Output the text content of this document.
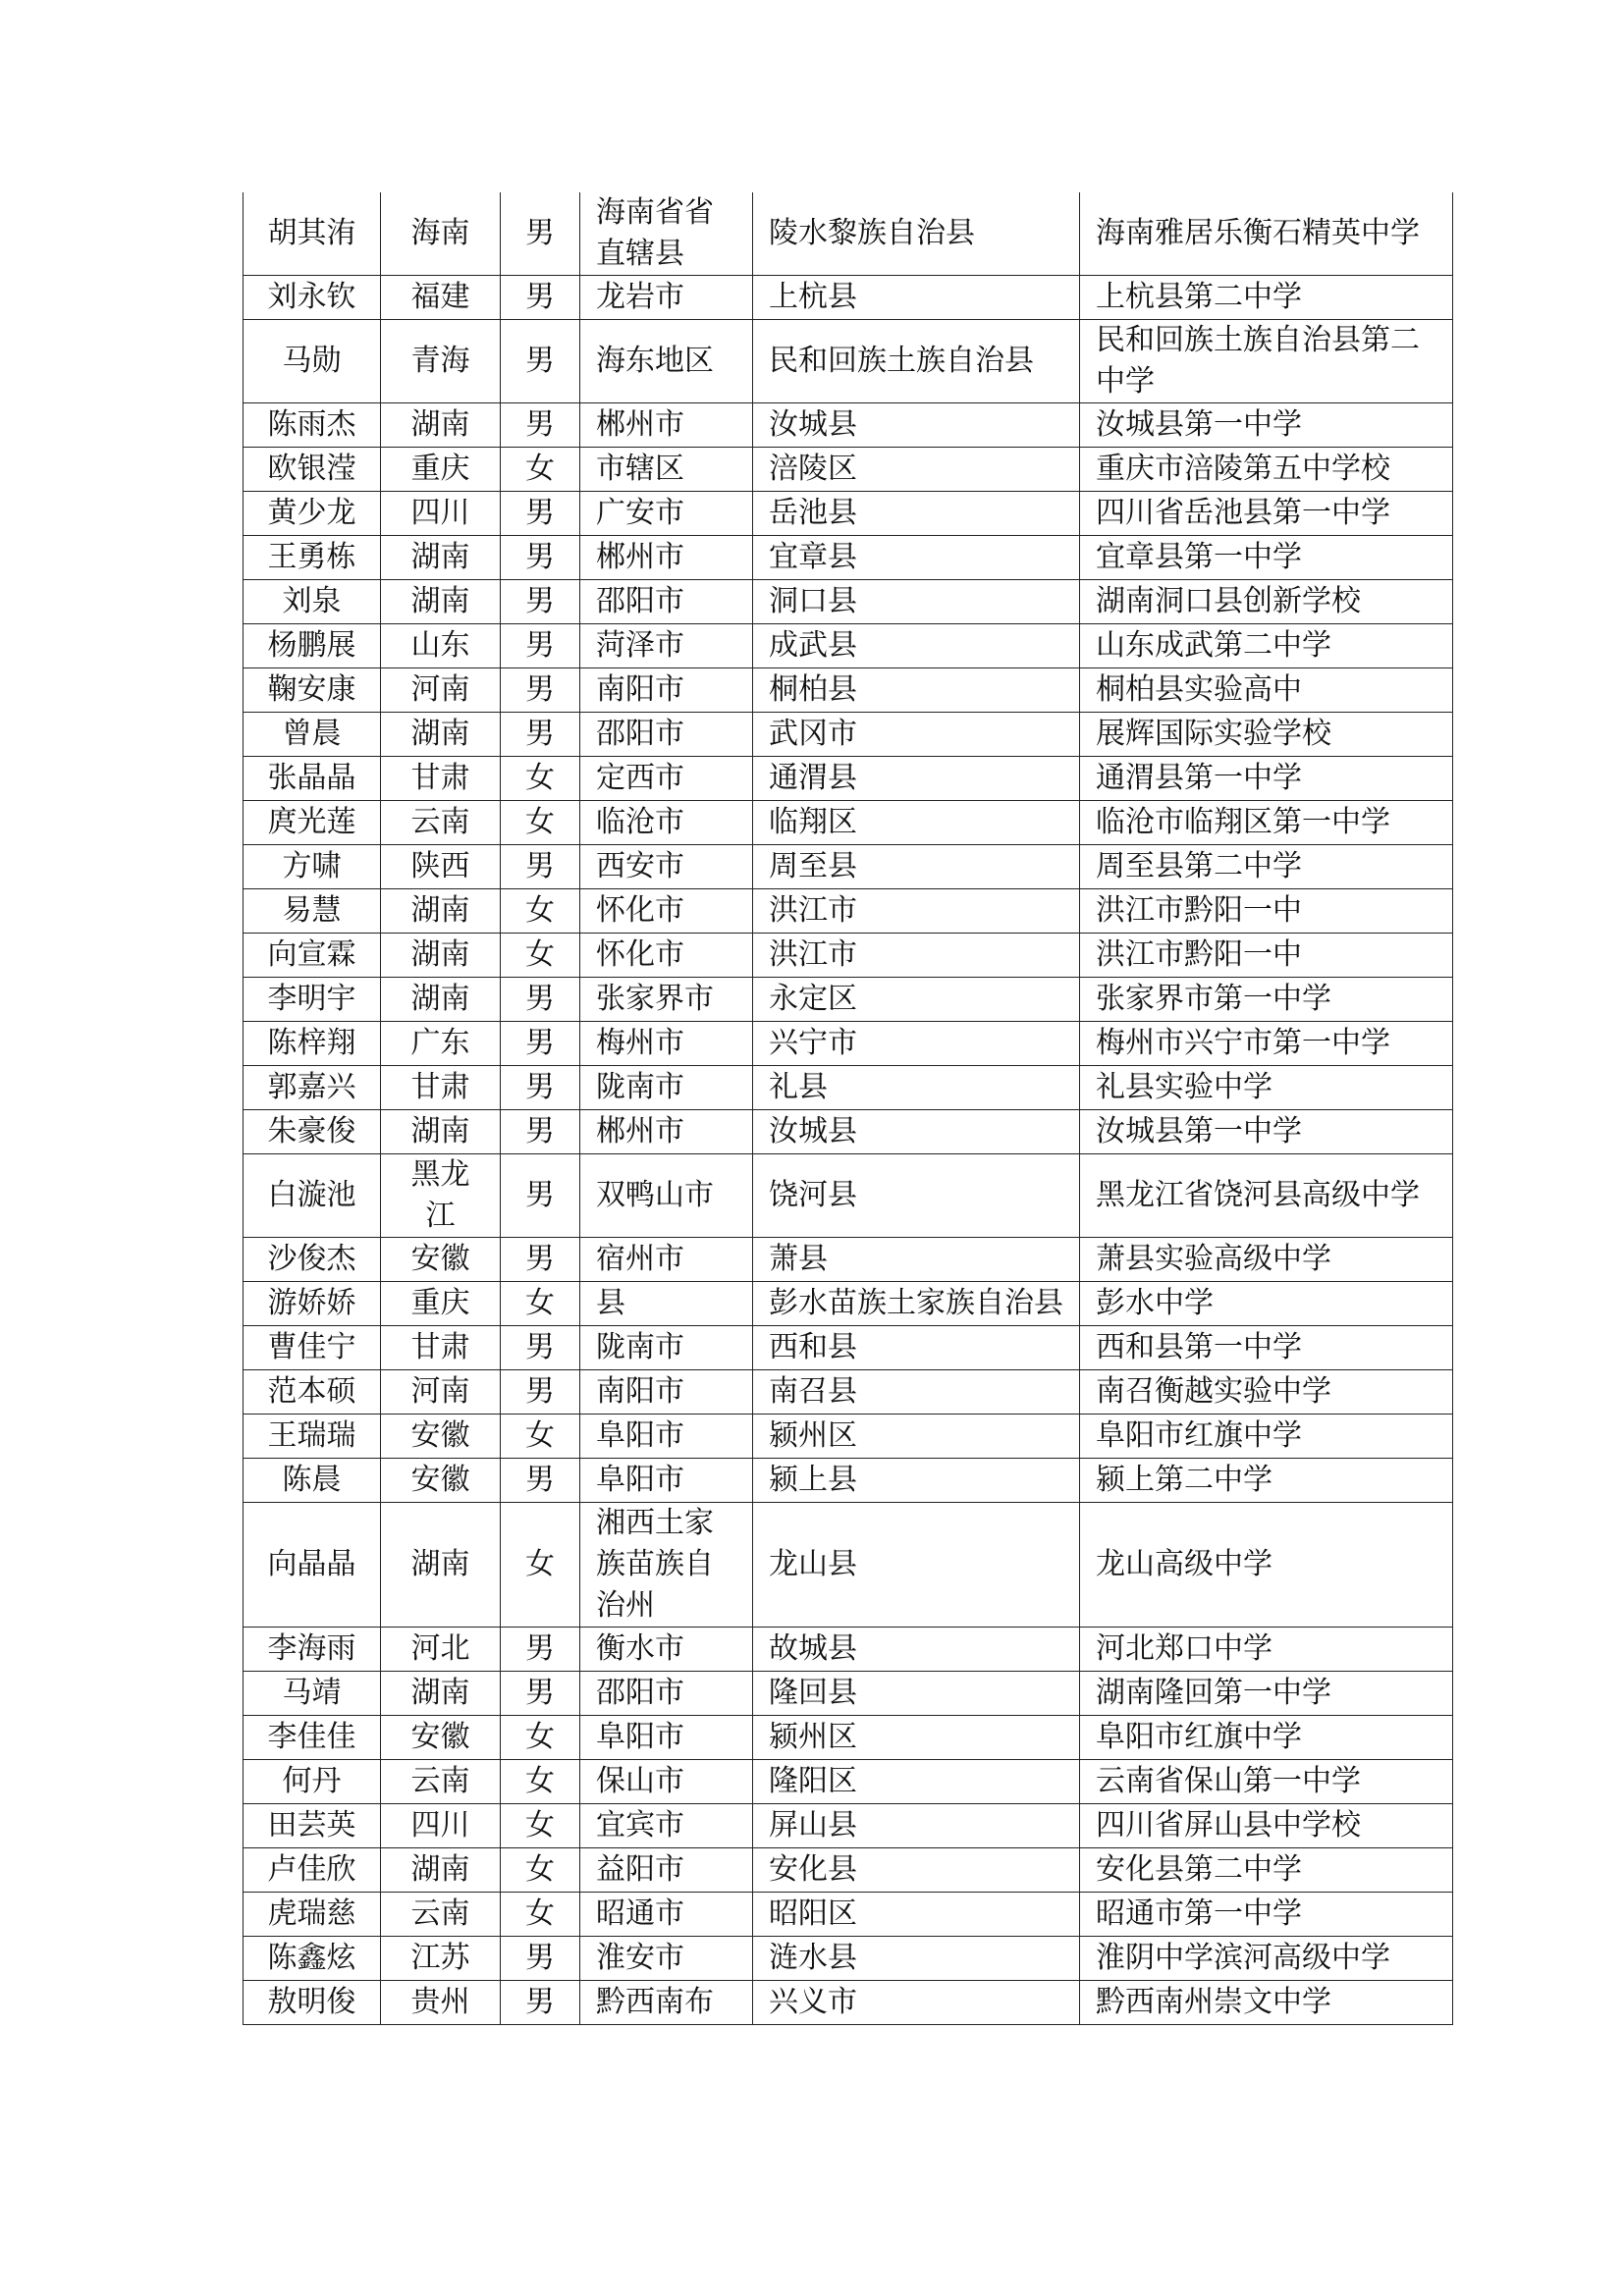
胡其洧	海南	男	海南省省直辖县	陵水黎族自治县	海南雅居乐衡石精英中学
刘永钦	福建	男	龙岩市	上杭县	上杭县第二中学
马勋	青海	男	海东地区	民和回族土族自治县	民和回族土族自治县第二中学
陈雨杰	湖南	男	郴州市	汝城县	汝城县第一中学
欧银滢	重庆	女	市辖区	涪陵区	重庆市涪陵第五中学校
黄少龙	四川	男	广安市	岳池县	四川省岳池县第一中学
王勇栋	湖南	男	郴州市	宜章县	宜章县第一中学
刘泉	湖南	男	邵阳市	洞口县	湖南洞口县创新学校
杨鹏展	山东	男	菏泽市	成武县	山东成武第二中学
鞠安康	河南	男	南阳市	桐柏县	桐柏县实验高中
曾晨	湖南	男	邵阳市	武冈市	展辉国际实验学校
张晶晶	甘肃	女	定西市	通渭县	通渭县第一中学
庹光莲	云南	女	临沧市	临翔区	临沧市临翔区第一中学
方啸	陕西	男	西安市	周至县	周至县第二中学
易慧	湖南	女	怀化市	洪江市	洪江市黔阳一中
向宣霖	湖南	女	怀化市	洪江市	洪江市黔阳一中
李明宇	湖南	男	张家界市	永定区	张家界市第一中学
陈梓翔	广东	男	梅州市	兴宁市	梅州市兴宁市第一中学
郭嘉兴	甘肃	男	陇南市	礼县	礼县实验中学
朱豪俊	湖南	男	郴州市	汝城县	汝城县第一中学
白漩池	黑龙江	男	双鸭山市	饶河县	黑龙江省饶河县高级中学
沙俊杰	安徽	男	宿州市	萧县	萧县实验高级中学
游娇娇	重庆	女	县	彭水苗族土家族自治县	彭水中学
曹佳宁	甘肃	男	陇南市	西和县	西和县第一中学
范本硕	河南	男	南阳市	南召县	南召衡越实验中学
王瑞瑞	安徽	女	阜阳市	颍州区	阜阳市红旗中学
陈晨	安徽	男	阜阳市	颍上县	颍上第二中学
向晶晶	湖南	女	湘西土家族苗族自治州	龙山县	龙山高级中学
李海雨	河北	男	衡水市	故城县	河北郑口中学
马靖	湖南	男	邵阳市	隆回县	湖南隆回第一中学
李佳佳	安徽	女	阜阳市	颍州区	阜阳市红旗中学
何丹	云南	女	保山市	隆阳区	云南省保山第一中学
田芸英	四川	女	宜宾市	屏山县	四川省屏山县中学校
卢佳欣	湖南	女	益阳市	安化县	安化县第二中学
虎瑞慈	云南	女	昭通市	昭阳区	昭通市第一中学
陈鑫炫	江苏	男	淮安市	涟水县	淮阴中学滨河高级中学
敖明俊	贵州	男	黔西南布	兴义市	黔西南州崇文中学
